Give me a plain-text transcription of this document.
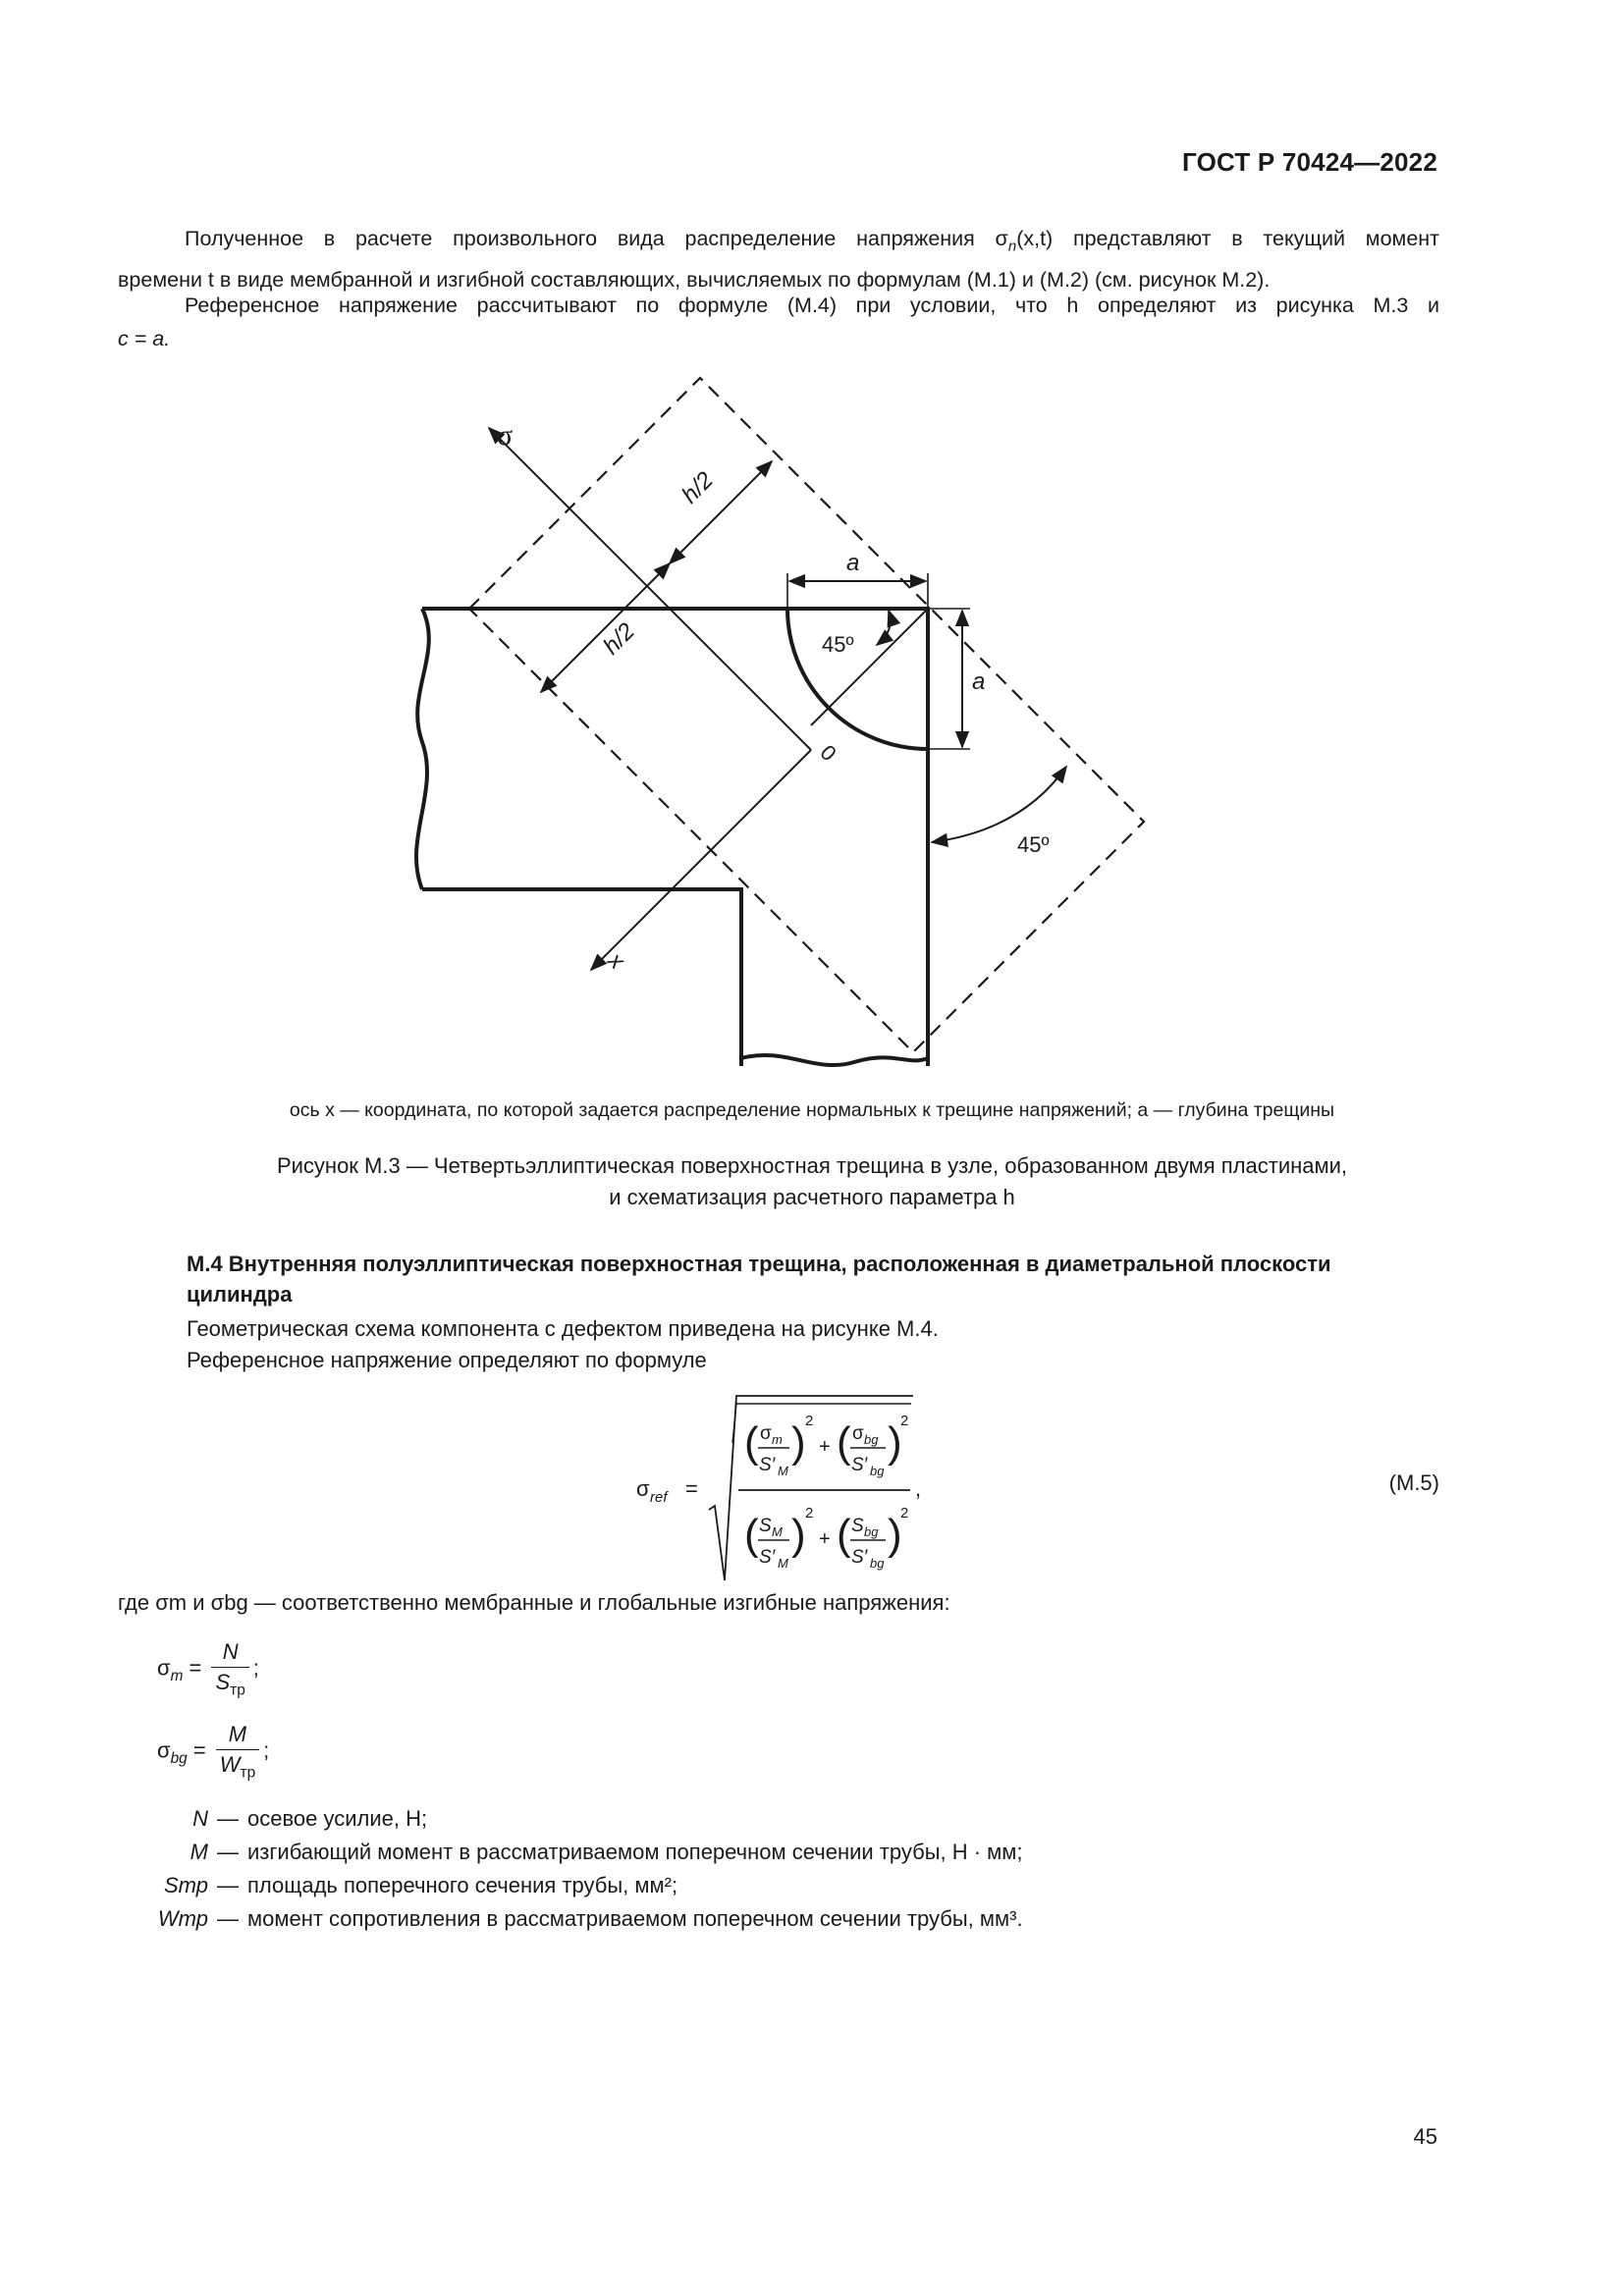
ГОСТ Р 70424—2022
Полученное в расчете произвольного вида распределение напряжения $\sigma_n(x,t)$ представляют в текущий момент
времени t в виде мембранной и изгибной составляющих, вычисляемых по формулам (М.1) и (М.2) (см. рисунок М.2).
Референсное напряжение рассчитывают по формуле (М.4) при условии, что h определяют из рисунка М.3 и
c = a.
σ
x
h/2
h/2
a
a
45º
45º
0
ось x — координата, по которой задается распределение нормальных к трещине напряжений; a — глубина трещины
Рисунок М.3 — Четвертьэллиптическая поверхностная трещина в узле, образованном двумя пластинами,
и схематизация расчетного параметра h
М.4 Внутренняя полуэллиптическая поверхностная трещина, расположенная в диаметральной плоскости цилиндра
Геометрическая схема компонента с дефектом приведена на рисунке М.4.
Референсное напряжение определяют по формуле
σ ref =
( σ m
S′ M
) 2
+ ( σ bg
S′ bg
)
2
( S M
S′ M
) 2
+ ( S bg
S′ bg
)
2
,	(М.5)
где σm и σbg — соответственно мембранные и глобальные изгибные напряжения:
$\sigma_m = \frac{N}{S_{тр}}$ ;
$\sigma_{bg} = \frac{M}{W_{тр}}$ ;
N — осевое усилие, Н;
M — изгибающий момент в рассматриваемом поперечном сечении трубы, Н · мм;
Sтр — площадь поперечного сечения трубы, мм²;
Wтр — момент сопротивления в рассматриваемом поперечном сечении трубы, мм³.
45
